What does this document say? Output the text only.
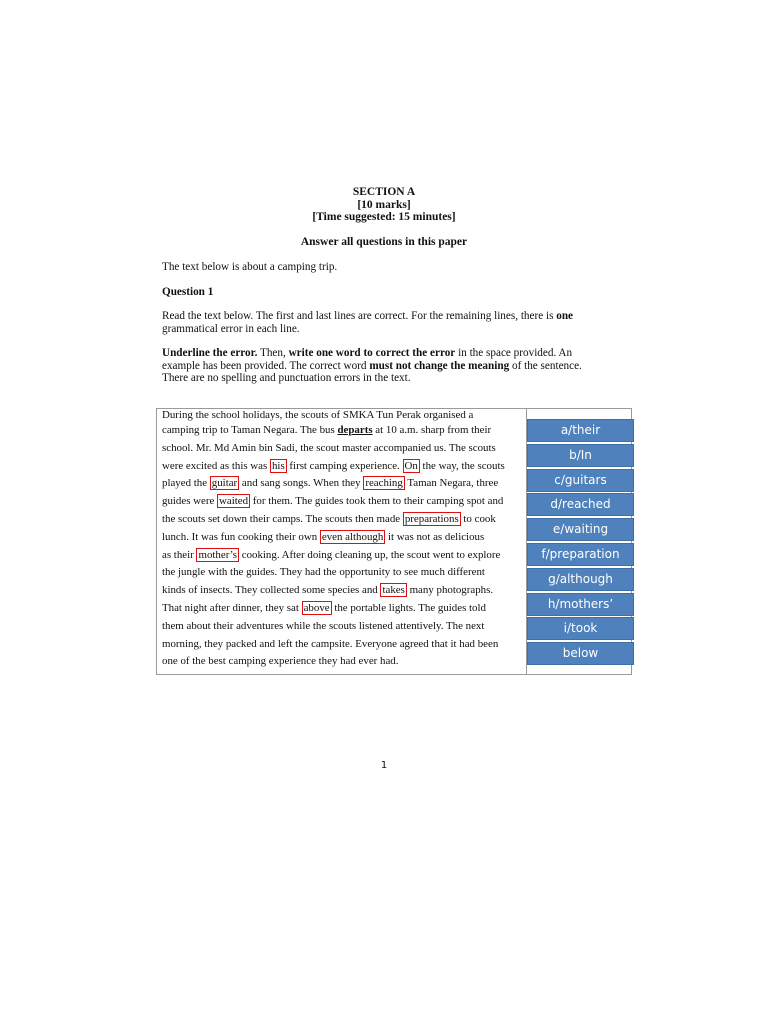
SECTION A
[10 marks]
[Time suggested: 15 minutes]
Answer all questions in this paper
The text below is about a camping trip.
Question 1
Read the text below. The first and last lines are correct. For the remaining lines, there is one grammatical error in each line.
Underline the error. Then, write one word to correct the error in the space provided. An example has been provided. The correct word must not change the meaning of the sentence. There are no spelling and punctuation errors in the text.
During the school holidays, the scouts of SMKA Tun Perak organised a
camping trip to Taman Negara. The bus departs at 10 a.m. sharp from their
school. Mr. Md Amin bin Sadi, the scout master accompanied us. The scouts
were excited as this was his first camping experience. On the way, the scouts
played the guitar and sang songs. When they reaching Taman Negara, three
guides were waited for them. The guides took them to their camping spot and
the scouts set down their camps. The scouts then made preparations to cook
lunch. It was fun cooking their own even although it was not as delicious
as their mother’s cooking. After doing cleaning up, the scout went to explore
the jungle with the guides. They had the opportunity to see much different
kinds of insects. They collected some species and takes many photographs.
That night after dinner, they sat above the portable lights. The guides told
them about their adventures while the scouts listened attentively. The next
morning, they packed and left the campsite. Everyone agreed that it had been
one of the best camping experience they had ever had.
a/their
b/In
c/guitars
d/reached
e/waiting
f/preparation
g/although
h/mothers’
i/took
below
1
